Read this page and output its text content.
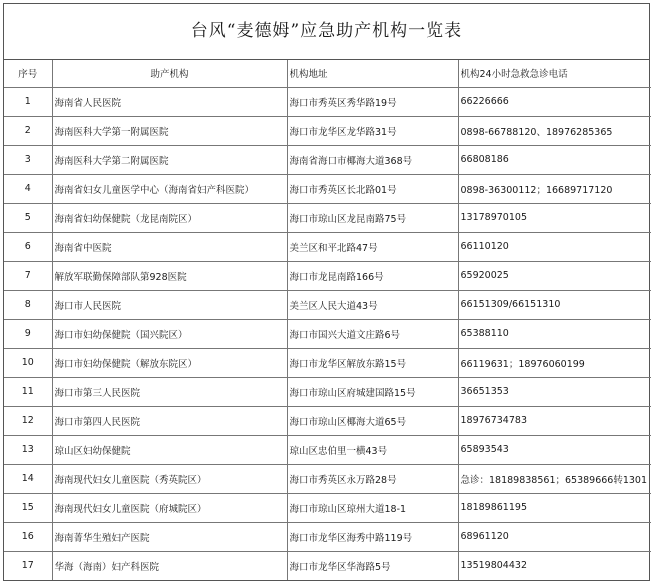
台风“麦德姆”应急助产机构一览表
序号	助产机构	机构地址	机构24小时急救急诊电话
1	海南省人民医院	海口市秀英区秀华路19号	66226666
2	海南医科大学第一附属医院	海口市龙华区龙华路31号	0898-66788120、18976285365
3	海南医科大学第二附属医院	海南省海口市椰海大道368号	66808186
4	海南省妇女儿童医学中心（海南省妇产科医院）	海口市秀英区长北路01号	0898-36300112；16689717120
5	海南省妇幼保健院（龙昆南院区）	海口市琼山区龙昆南路75号	13178970105
6	海南省中医院	美兰区和平北路47号	66110120
7	解放军联勤保障部队第928医院	海口市龙昆南路166号	65920025
8	海口市人民医院	美兰区人民大道43号	66151309/66151310
9	海口市妇幼保健院（国兴院区）	海口市国兴大道文庄路6号	65388110
10	海口市妇幼保健院（解放东院区）	海口市龙华区解放东路15号	66119631；18976060199
11	海口市第三人民医院	海口市琼山区府城建国路15号	36651353
12	海口市第四人民医院	海口市琼山区椰海大道65号	18976734783
13	琼山区妇幼保健院	琼山区忠伯里一横43号	65893543
14	海南现代妇女儿童医院（秀英院区）	海口市秀英区永万路28号	急诊：18189838561；65389666转1301
15	海南现代妇女儿童医院（府城院区）	海口市琼山区琼州大道18-1	18189861195
16	海南菁华生殖妇产医院	海口市龙华区海秀中路119号	68961120
17	华海（海南）妇产科医院	海口市龙华区华海路5号	13519804432
